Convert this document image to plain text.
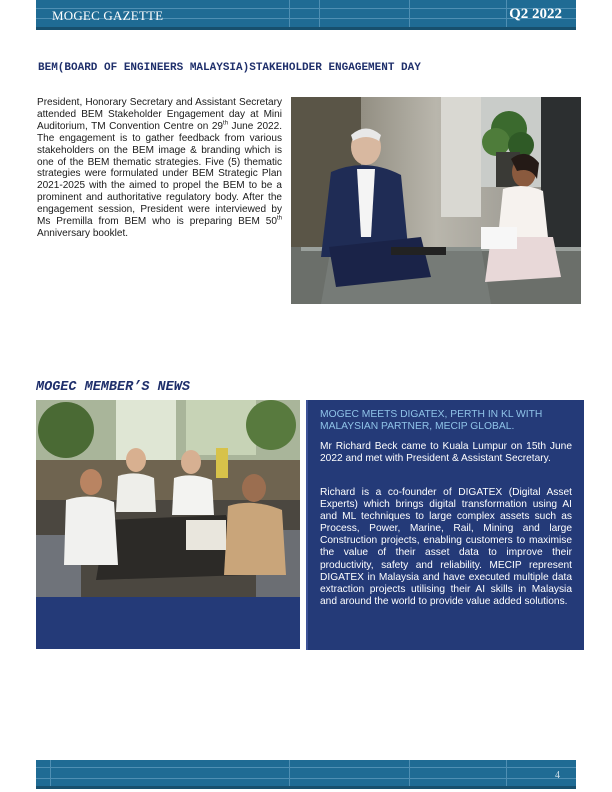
MOGEC GAZETTE	Q2 2022
BEM(BOARD OF ENGINEERS MALAYSIA)STAKEHOLDER ENGAGEMENT DAY

President, Honorary Secretary and Assistant Secretary attended BEM Stakeholder Engagement day at Mini Auditorium, TM Convention Centre on 29th June 2022. The engagement is to gather feedback from various stakeholders on the BEM image & branding which is one of the BEM thematic strategies. Five (5) thematic strategies were formulated under BEM Strategic Plan 2021-2025 with the aimed to propel the BEM to be a prominent and authoritative regulatory body. After the engagement session, President were interviewed by Ms Premilla from BEM who is preparing BEM 50th Anniversary booklet.

MOGEC MEMBER’S NEWS

MOGEC MEETS DIGATEX, PERTH IN KL WITH MALAYSIAN PARTNER, MECIP GLOBAL.

Mr Richard Beck came to Kuala Lumpur on 15th June 2022 and met with President & Assistant Secretary.

Richard is a co-founder of DIGATEX (Digital Asset Experts) which brings digital transformation using AI and ML techniques to large complex assets such as Process, Power, Marine, Rail, Mining and large Construction projects, enabling customers to maximise the value of their asset data to improve their productivity, safety and reliability. MECIP represent DIGATEX in Malaysia and have executed multiple data extraction projects utilising their AI skills in Malaysia and around the world to provide value added solutions.

4
